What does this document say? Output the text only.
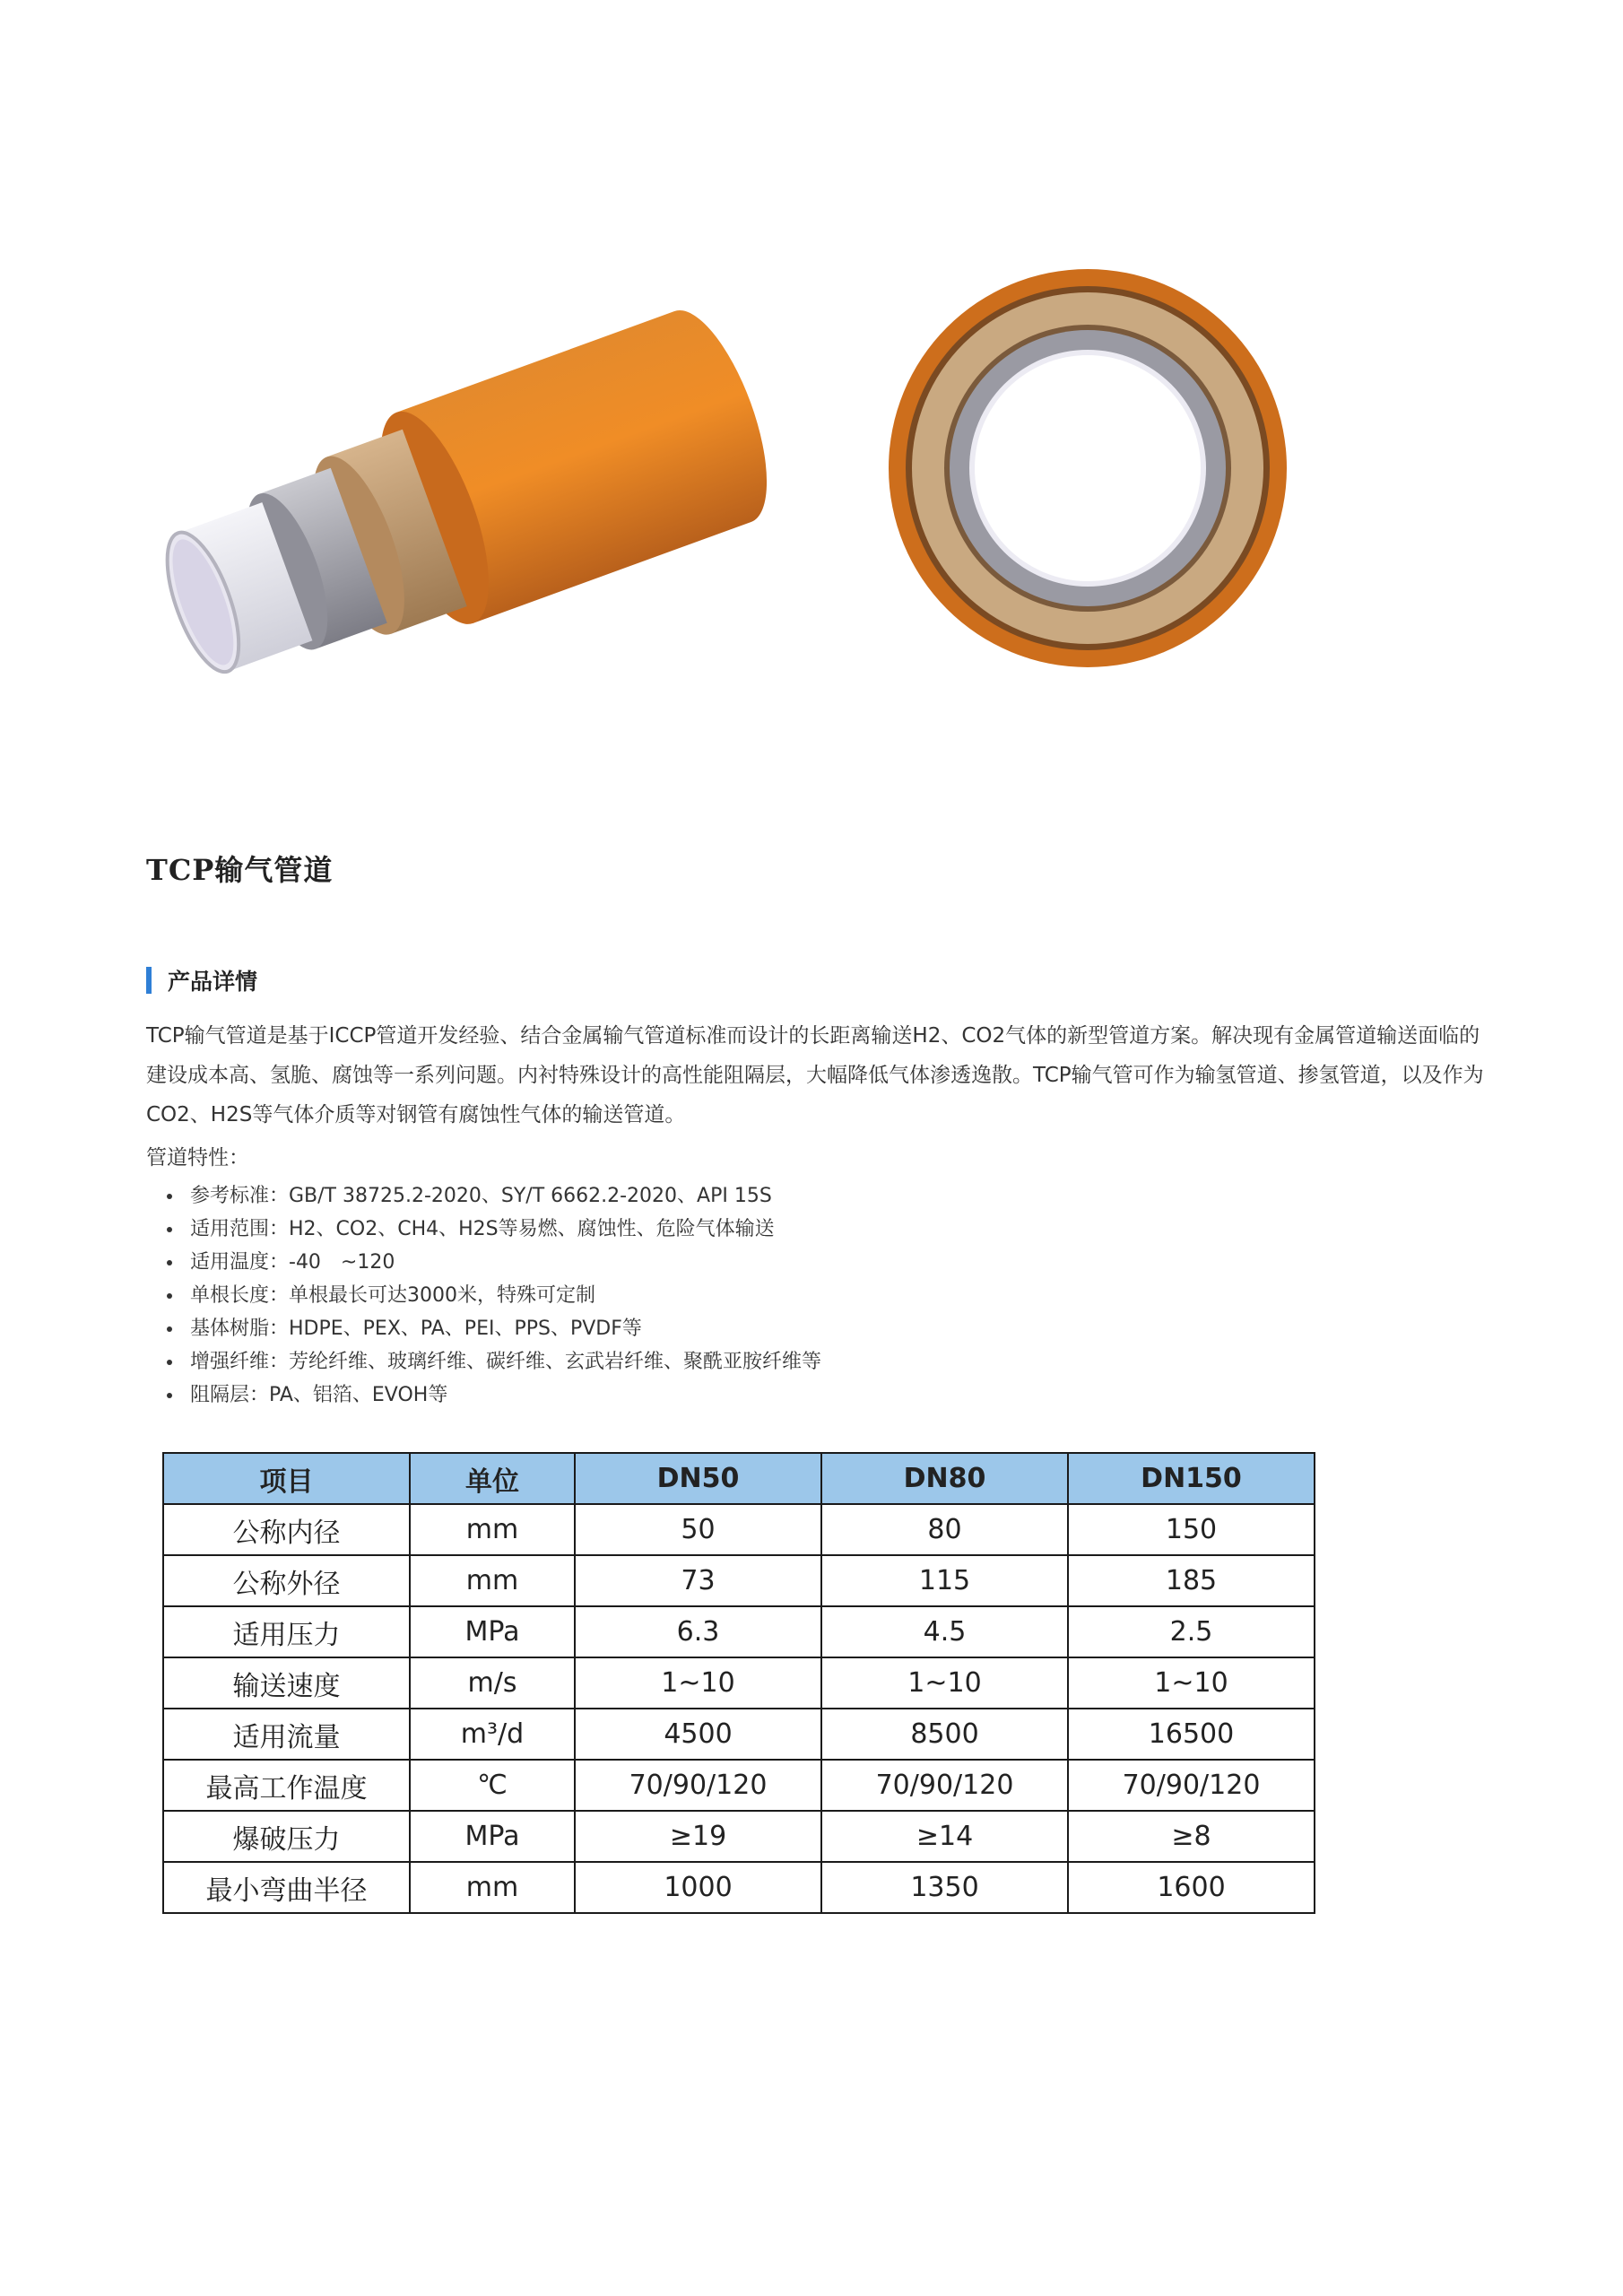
TCP输气管道
产品详情
TCP输气管道是基于ICCP管道开发经验、结合金属输气管道标准而设计的长距离输送H2、CO2气体的新型管道方案。解决现有金属管道输送面临的建设成本高、氢脆、腐蚀等一系列问题。内衬特殊设计的高性能阻隔层，大幅降低气体渗透逸散。TCP输气管可作为输氢管道、掺氢管道，以及作为CO2、H2S等气体介质等对钢管有腐蚀性气体的输送管道。
管道特性：
参考标准：GB/T 38725.2-2020、SY/T 6662.2-2020、API 15S
适用范围：H2、CO2、CH4、H2S等易燃、腐蚀性、危险气体输送
适用温度：-40　~120
单根长度：单根最长可达3000米，特殊可定制
基体树脂：HDPE、PEX、PA、PEI、PPS、PVDF等
增强纤维：芳纶纤维、玻璃纤维、碳纤维、玄武岩纤维、聚酰亚胺纤维等
阻隔层：PA、铝箔、EVOH等
项目	单位	DN50	DN80	DN150
公称内径	mm	50	80	150
公称外径	mm	73	115	185
适用压力	MPa	6.3	4.5	2.5
输送速度	m/s	1~10	1~10	1~10
适用流量	m³/d	4500	8500	16500
最高工作温度	℃	70/90/120	70/90/120	70/90/120
爆破压力	MPa	≥19	≥14	≥8
最小弯曲半径	mm	1000	1350	1600
